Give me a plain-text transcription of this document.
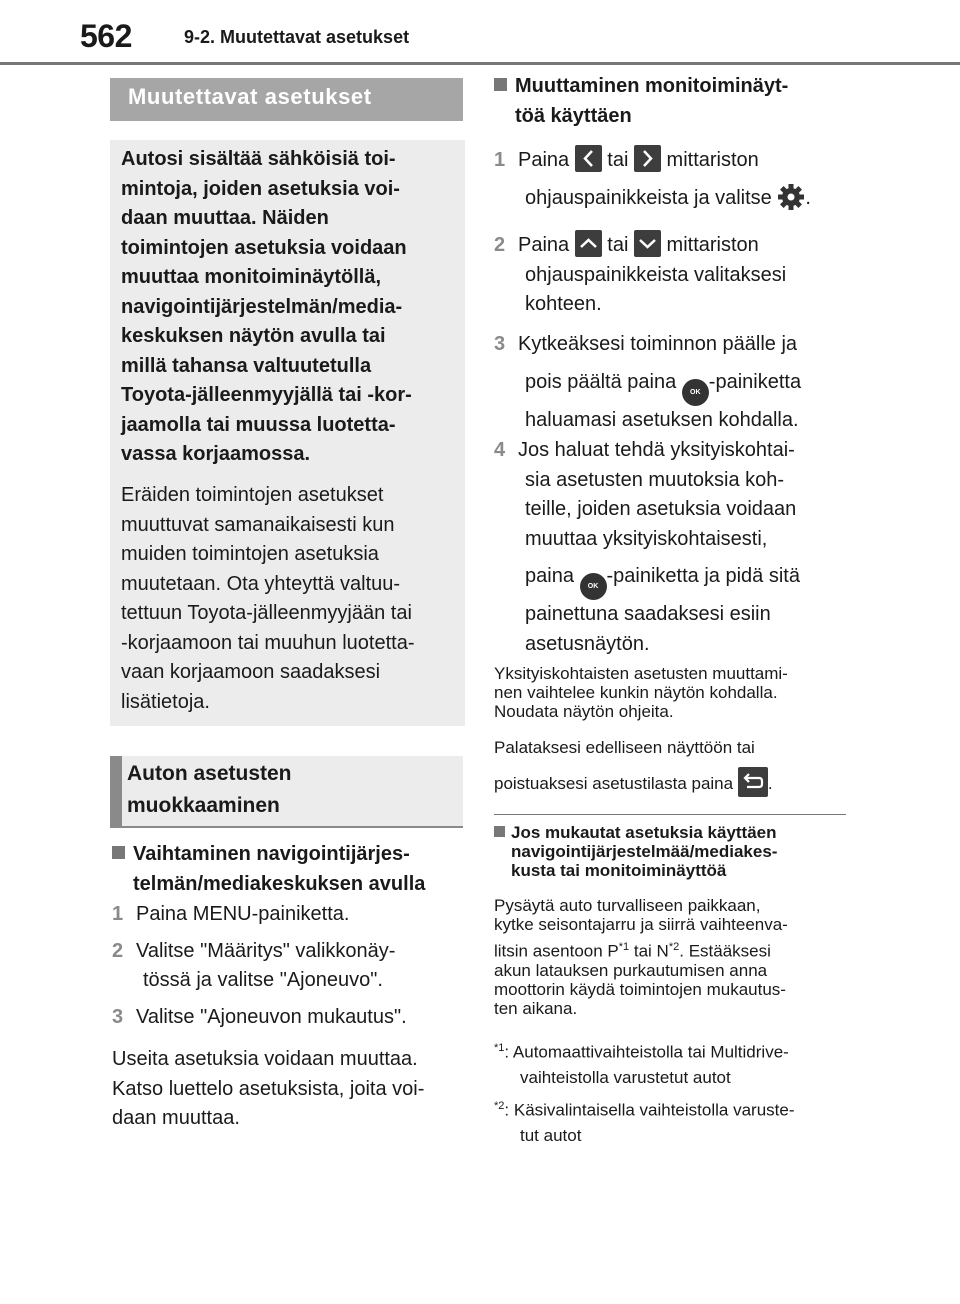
562	9-2. Muutettavat asetukset
Muutettavat asetukset
Autosi sisältää sähköisiä toi-
mintoja, joiden asetuksia voi-
daan muuttaa. Näiden
toimintojen asetuksia voidaan
muuttaa monitoiminäytöllä,
navigointijärjestelmän/media-
keskuksen näytön avulla tai
millä tahansa valtuutetulla
Toyota-jälleenmyyjällä tai -kor-
jaamolla tai muussa luotetta-
vassa korjaamossa.
Eräiden toimintojen asetukset
muuttuvat samanaikaisesti kun
muiden toimintojen asetuksia
muutetaan. Ota yhteyttä valtuu-
tettuun Toyota-jälleenmyyjään tai
-korjaamoon tai muuhun luotetta-
vaan korjaamoon saadaksesi
lisätietoja.
Auton asetusten
muokkaaminen
Vaihtaminen navigointijärjes-
telmän/mediakeskuksen avulla
1 Paina MENU-painiketta.
2 Valitse "Määritys" valikkonäy-
tössä ja valitse "Ajoneuvo".
3 Valitse "Ajoneuvon mukautus".
Useita asetuksia voidaan muuttaa.
Katso luettelo asetuksista, joita voi-
daan muuttaa.
Muuttaminen monitoiminäyt-
töä käyttäen
1 Paina tai mittariston
ohjauspainikkeista ja valitse .
2 Paina tai mittariston
ohjauspainikkeista valitaksesi
kohteen.
3 Kytkeäksesi toiminnon päälle ja
pois päältä paina OK -painiketta
haluamasi asetuksen kohdalla.
4 Jos haluat tehdä yksityiskohtai-
sia asetusten muutoksia koh-
teille, joiden asetuksia voidaan
muuttaa yksityiskohtaisesti,
paina OK -painiketta ja pidä sitä
painettuna saadaksesi esiin
asetusnäytön.
Yksityiskohtaisten asetusten muuttami-
nen vaihtelee kunkin näytön kohdalla.
Noudata näytön ohjeita.
Palataksesi edelliseen näyttöön tai
poistuaksesi asetustilasta paina .
Jos mukautat asetuksia käyttäen
navigointijärjestelmää/mediakes-
kusta tai monitoiminäyttöä
Pysäytä auto turvalliseen paikkaan,
kytke seisontajarru ja siirrä vaihteenva-
litsin asentoon $P^{*1}$ tai $N^{*2}$. Estääksesi
akun latauksen purkautumisen anna
moottorin käydä toimintojen mukautus-
ten aikana.
$^{*1}$: Automaattivaihteistolla tai Multidrive-
vaihteistolla varustetut autot
$^{*2}$: Käsivalintaisella vaihteistolla varuste-
tut autot
